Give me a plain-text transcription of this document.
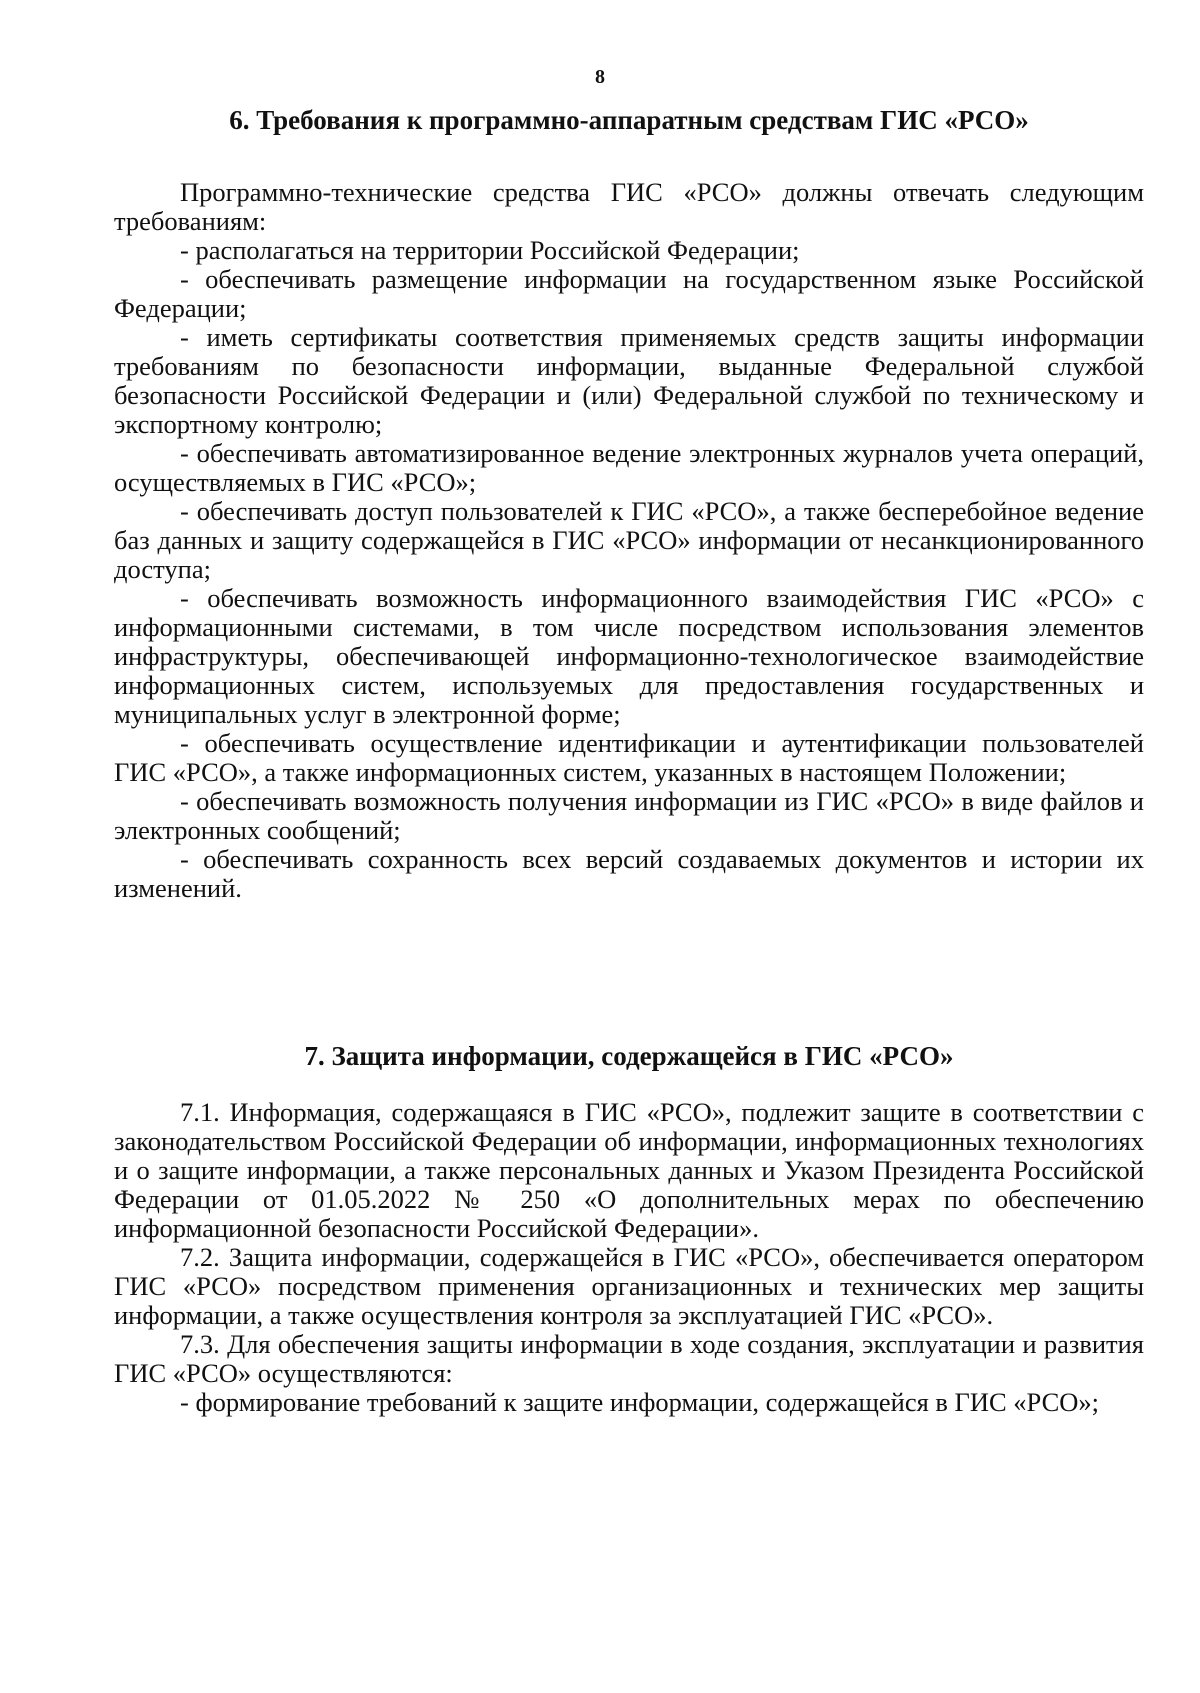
8
6. Требования к программно-аппаратным средствам ГИС «РСО»

Программно-технические средства ГИС «РСО» должны отвечать следующим требованиям:

- располагаться на территории Российской Федерации;

- обеспечивать размещение информации на государственном языке Российской Федерации;

- иметь сертификаты соответствия применяемых средств защиты информации требованиям по безопасности информации, выданные Федеральной службой безопасности Российской Федерации и (или) Федеральной службой по техническому и экспортному контролю;

- обеспечивать автоматизированное ведение электронных журналов учета операций, осуществляемых в ГИС «РСО»;

- обеспечивать доступ пользователей к ГИС «РСО», а также бесперебойное ведение баз данных и защиту содержащейся в ГИС «РСО» информации от несанкционированного доступа;

- обеспечивать возможность информационного взаимодействия ГИС «РСО» с информационными системами, в том числе посредством использования элементов инфраструктуры, обеспечивающей информационно-технологическое взаимодействие информационных систем, используемых для предоставления государственных и муниципальных услуг в электронной форме;

- обеспечивать осуществление идентификации и аутентификации пользователей ГИС «РСО», а также информационных систем, указанных в настоящем Положении;

- обеспечивать возможность получения информации из ГИС «РСО» в виде файлов и электронных сообщений;

- обеспечивать сохранность всех версий создаваемых документов и истории их изменений.

7. Защита информации, содержащейся в ГИС «РСО»

7.1. Информация, содержащаяся в ГИС «РСО», подлежит защите в соответствии с законодательством Российской Федерации об информации, информационных технологиях и о защите информации, а также персональных данных и Указом Президента Российской Федерации от 01.05.2022 № 250 «О дополнительных мерах по обеспечению информационной безопасности Российской Федерации».

7.2. Защита информации, содержащейся в ГИС «РСО», обеспечивается оператором ГИС «РСО» посредством применения организационных и технических мер защиты информации, а также осуществления контроля за эксплуатацией ГИС «РСО».

7.3. Для обеспечения защиты информации в ходе создания, эксплуатации и развития ГИС «РСО» осуществляются:

- формирование требований к защите информации, содержащейся в ГИС «РСО»;
